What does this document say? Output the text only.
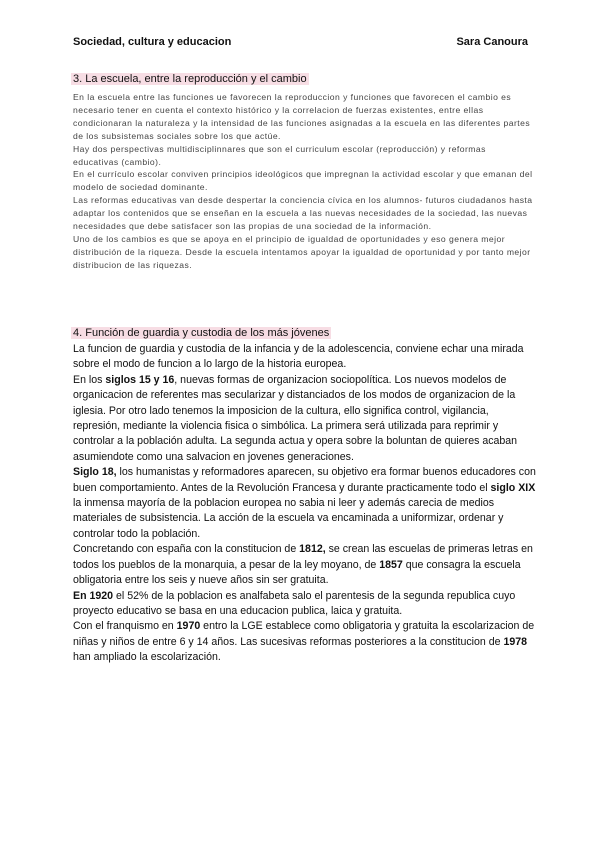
Sociedad, cultura y educacion	Sara Canoura
3. La escuela, entre la reproducción y el cambio

En la escuela entre las funciones ue favorecen la reproduccion y funciones que favorecen el cambio es necesario tener en cuenta el contexto histórico y la correlacion de fuerzas existentes, entre ellas condicionaran la naturaleza y la intensidad de las funciones asignadas a la escuela en las diferentes partes de los subsistemas sociales sobre los que actúe.

Hay dos perspectivas multidisciplinnares que son el curriculum escolar (reproducción) y reformas educativas (cambio).

En el currículo escolar conviven principios ideológicos que impregnan la actividad escolar y que emanan del modelo de sociedad dominante.

Las reformas educativas van desde despertar la conciencia cívica en los alumnos- futuros ciudadanos hasta adaptar los contenidos que se enseñan en la escuela a las nuevas necesidades de la sociedad, las nuevas necesidades que debe satisfacer son las propias de una sociedad de la información.

Uno de los cambios es que se apoya en el principio de igualdad de oportunidades y eso genera mejor distribución de la riqueza. Desde la escuela intentamos apoyar la igualdad de oportunidad y por tanto mejor distribucion de las riquezas.

4. Función de guardia y custodia de los más jóvenes

La funcion de guardia y custodia de la infancia y de la adolescencia, conviene echar una mirada sobre el modo de funcion a lo largo de la historia europea.

En los siglos 15 y 16, nuevas formas de organizacion sociopolítica. Los nuevos modelos de organicacion de referentes mas secularizar y distanciados de los modos de organizacion de la iglesia. Por otro lado tenemos la imposicion de la cultura, ello significa control, vigilancia, represión, mediante la violencia fisica o simbólica. La primera será utilizada para reprimir y controlar a la población adulta. La segunda actua y opera sobre la boluntan de quieres acaban asumiendote como una salvacion en jovenes generaciones.

Siglo 18, los humanistas y reformadores aparecen, su objetivo era formar buenos educadores con buen comportamiento. Antes de la Revolución Francesa y durante practicamente todo el siglo XIX la inmensa mayoría de la poblacion europea no sabia ni leer y además carecia de medios materiales de subsistencia. La acción de la escuela va encaminada a uniformizar, ordenar y controlar todo la población.

Concretando con españa con la constitucion de 1812, se crean las escuelas de primeras letras en todos los pueblos de la monarquia, a pesar de la ley moyano, de 1857 que consagra la escuela obligatoria entre los seis y nueve años sin ser gratuita.

En 1920 el 52% de la poblacion es analfabeta salo el parentesis de la segunda republica cuyo proyecto educativo se basa en una educacion publica, laica y gratuita.

Con el franquismo en 1970 entro la LGE establece como obligatoria y gratuita la escolarizacion de niñas y niños de entre 6 y 14 años. Las sucesivas reformas posteriores a la constitucion de 1978 han ampliado la escolarización.
